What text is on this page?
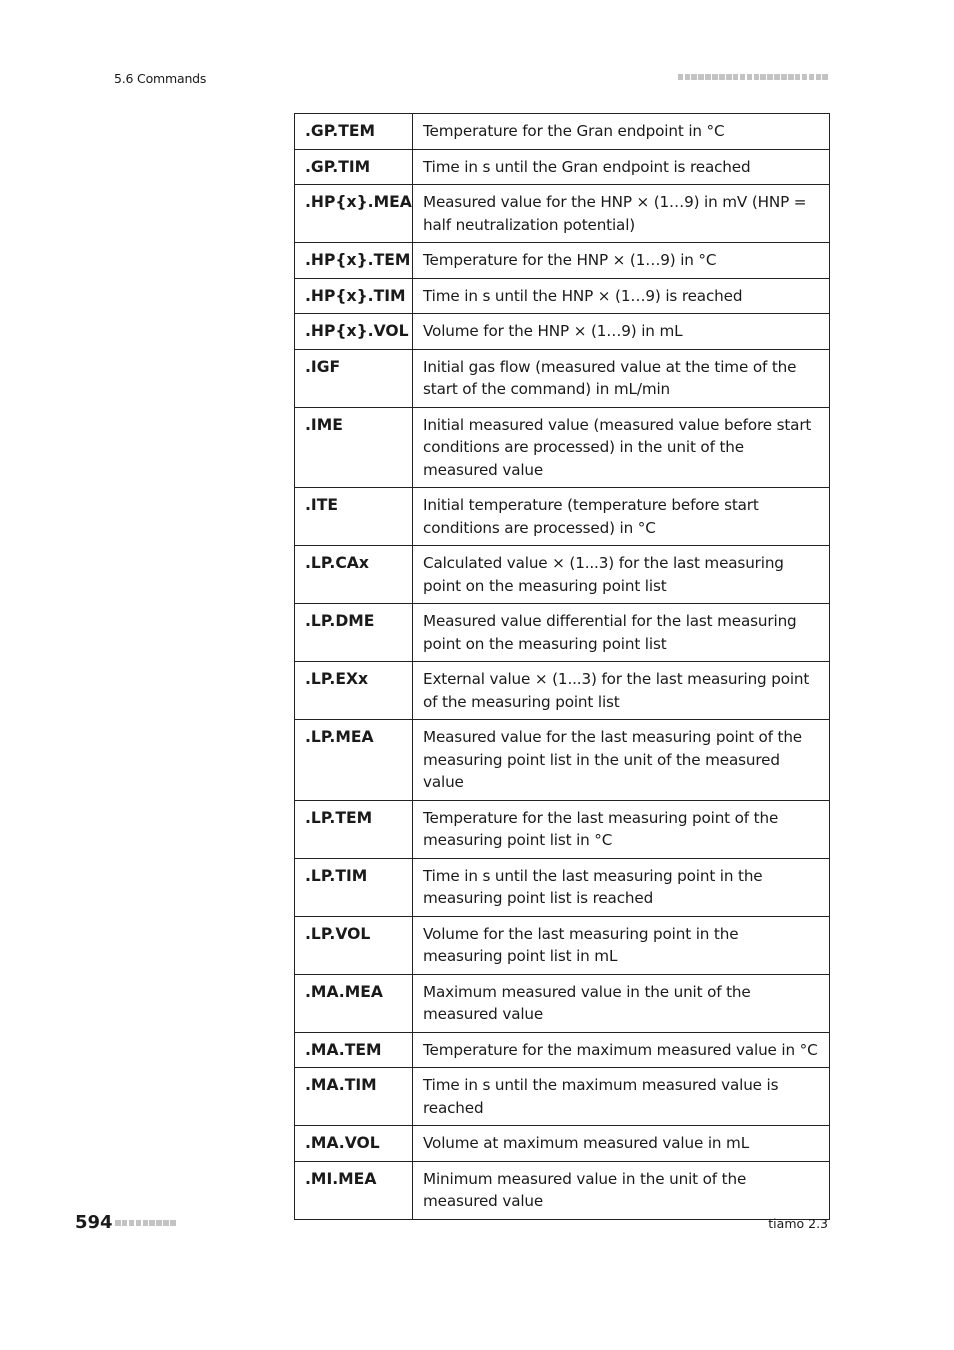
5.6 Commands
.GP.TEM	Temperature for the Gran endpoint in °C
.GP.TIM	Time in s until the Gran endpoint is reached
.HP{x}.MEA	Measured value for the HNP × (1…9) in mV (HNP = half neutralization potential)
.HP{x}.TEM	Temperature for the HNP × (1…9) in °C
.HP{x}.TIM	Time in s until the HNP × (1…9) is reached
.HP{x}.VOL	Volume for the HNP × (1…9) in mL
.IGF	Initial gas flow (measured value at the time of the start of the command) in mL/min
.IME	Initial measured value (measured value before start conditions are processed) in the unit of the measured value
.ITE	Initial temperature (temperature before start conditions are processed) in °C
.LP.CAx	Calculated value × (1...3) for the last measuring point on the measuring point list
.LP.DME	Measured value differential for the last measuring point on the measuring point list
.LP.EXx	External value × (1...3) for the last measuring point of the measuring point list
.LP.MEA	Measured value for the last measuring point of the measuring point list in the unit of the measured value
.LP.TEM	Temperature for the last measuring point of the measuring point list in °C
.LP.TIM	Time in s until the last measuring point in the measuring point list is reached
.LP.VOL	Volume for the last measuring point in the measuring point list in mL
.MA.MEA	Maximum measured value in the unit of the measured value
.MA.TEM	Temperature for the maximum measured value in °C
.MA.TIM	Time in s until the maximum measured value is reached
.MA.VOL	Volume at maximum measured value in mL
.MI.MEA	Minimum measured value in the unit of the measured value
594	tiamo 2.3
